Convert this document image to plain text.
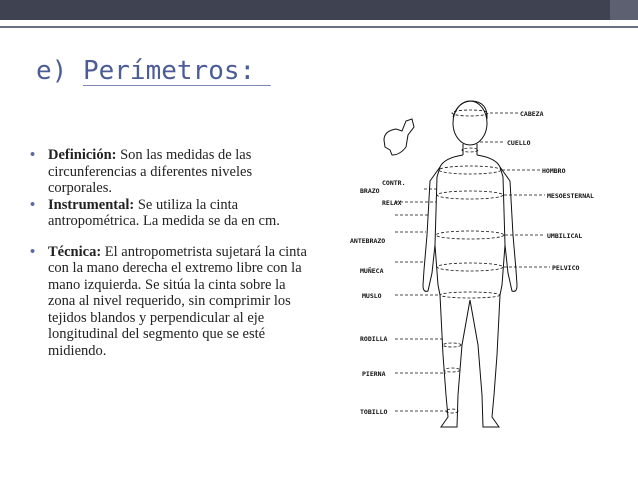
e) Perímetros:

• Definición: Son las medidas de las circunferencias a diferentes niveles corporales.

• Instrumental: Se utiliza la cinta antropométrica. La medida se da en cm.

• Técnica: El antropometrista sujetará la cinta con la mano derecha el extremo libre con la mano izquierda. Se sitúa la cinta sobre la zona al nivel requerido, sin comprimir los tejidos blandos y perpendicular al eje longitudinal del segmento que se esté midiendo.

CABEZA
CUELLO
HOMBRO
MESOESTERNAL
UMBILICAL
PELVICO
BRAZO
CONTR.
RELAX
ANTEBRAZO
MUÑECA
MUSLO
RODILLA
PIERNA
TOBILLO
